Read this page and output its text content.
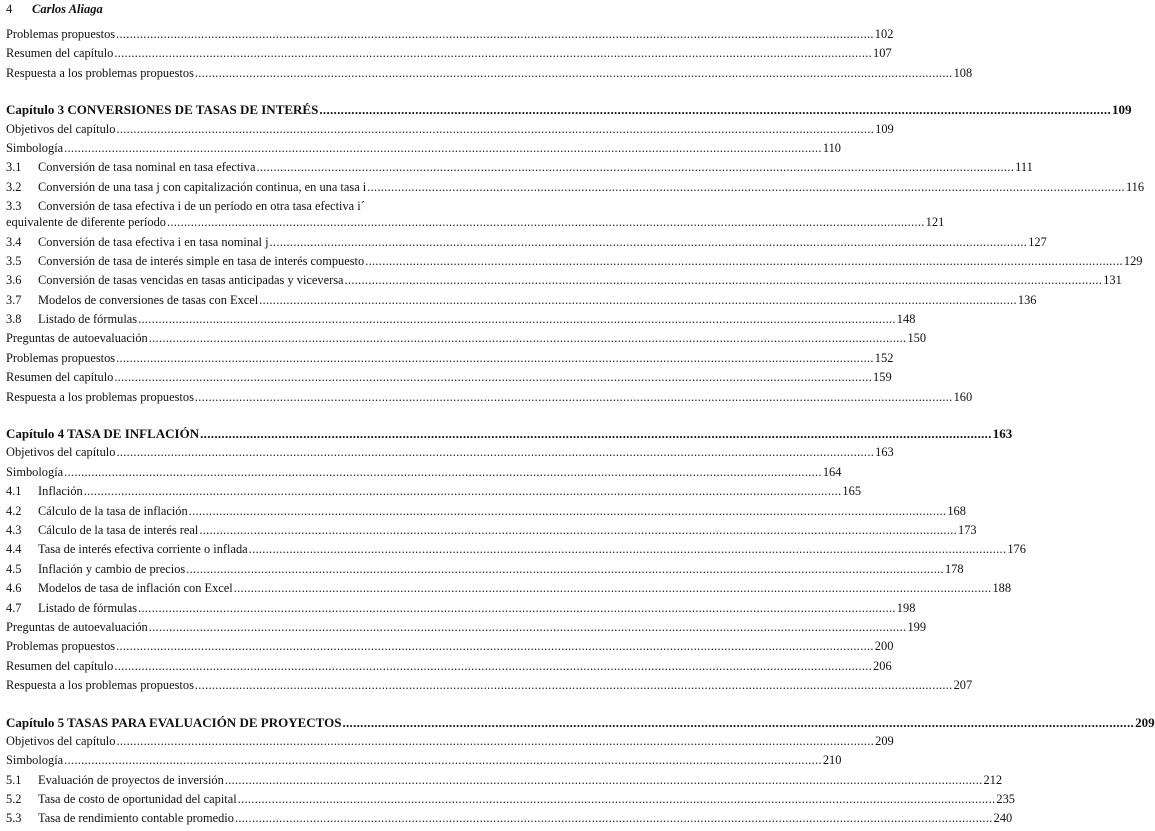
4 Carlos Aliaga
Problemas propuestos .....	102
Resumen del capítulo .....	107
Respuesta a los problemas propuestos .....	108
Capítulo 3 CONVERSIONES DE TASAS DE INTERÉS .....	109
Objetivos del capítulo .....	109
Simbología .....	110
3.1	Conversión de tasa nominal en tasa efectiva .....	111
3.2	Conversión de una tasa j con capitalización continua, en una tasa i .....	116
3.3	Conversión de tasa efectiva i de un período en otra tasa efectiva i´
equivalente de diferente período .....	121
3.4	Conversión de tasa efectiva i en tasa nominal j .....	127
3.5	Conversión de tasa de interés simple en tasa de interés compuesto .....	129
3.6	Conversión de tasas vencidas en tasas anticipadas y viceversa .....	131
3.7	Modelos de conversiones de tasas con Excel .....	136
3.8	Listado de fórmulas .....	148
Preguntas de autoevaluación .....	150
Problemas propuestos .....	152
Resumen del capítulo .....	159
Respuesta a los problemas propuestos .....	160
Capítulo 4 TASA DE INFLACIÓN .....	163
Objetivos del capítulo .....	163
Simbología .....	164
4.1	Inflación .....	165
4.2	Cálculo de la tasa de inflación .....	168
4.3	Cálculo de la tasa de interés real .....	173
4.4	Tasa de interés efectiva corriente o inflada .....	176
4.5	Inflación y cambio de precios .....	178
4.6	Modelos de tasa de inflación con Excel .....	188
4.7	Listado de fórmulas .....	198
Preguntas de autoevaluación .....	199
Problemas propuestos .....	200
Resumen del capítulo .....	206
Respuesta a los problemas propuestos .....	207
Capítulo 5 TASAS PARA EVALUACIÓN DE PROYECTOS .....	209
Objetivos del capítulo .....	209
Simbología .....	210
5.1	Evaluación de proyectos de inversión .....	212
5.2	Tasa de costo de oportunidad del capital .....	235
5.3	Tasa de rendimiento contable promedio .....	240
